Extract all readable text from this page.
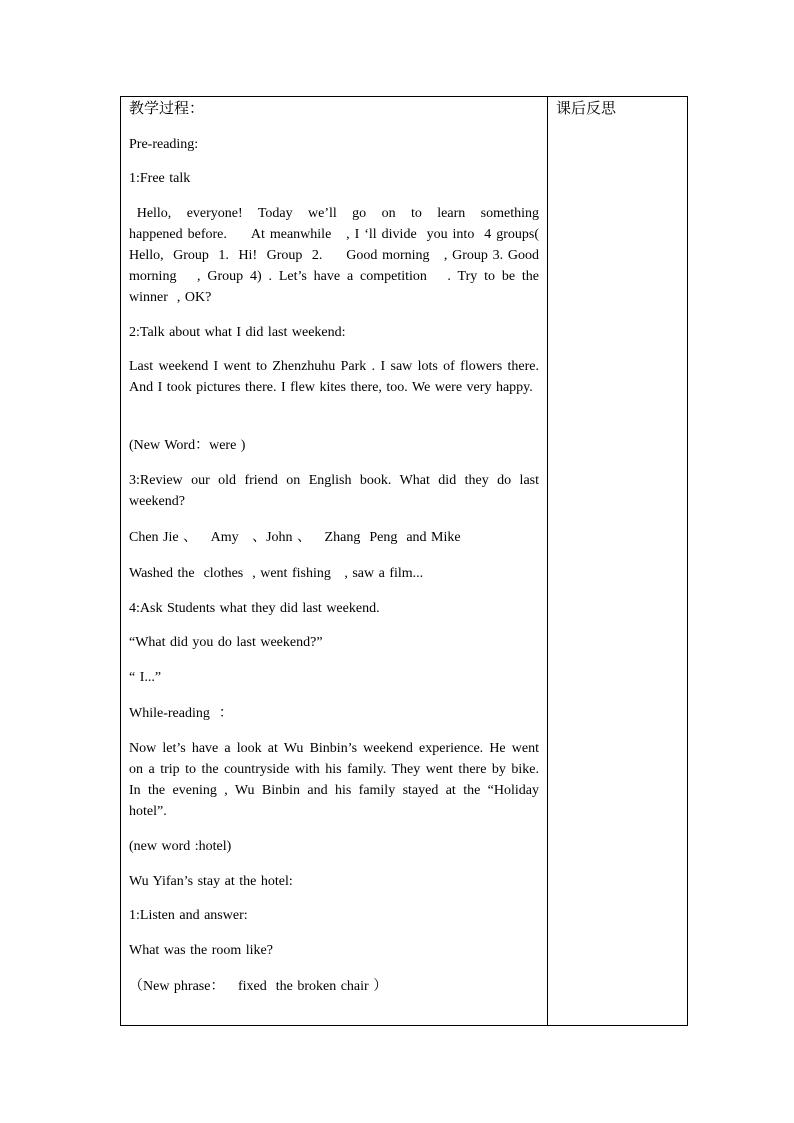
教学过程：

Pre-reading:

1:Free talk

Hello,  everyone!  Today  we’ll  go  on  to  learn  something happened before.     At meanwhile   , I ‘ll divide  you into  4 groups( Hello,  Group  1.  Hi!  Group  2.     Good morning   , Group 3. Good morning   , Group 4) . Let’s have a competition   . Try to be the winner  , OK?

2:Talk about what I did last weekend:

Last weekend I went to Zhenzhuhu Park . I saw lots of flowers there. And I took pictures there. I flew kites there, too. We were very happy.

(New Word：were )

3:Review our old friend on English book. What did they do last weekend?

Chen Jie 、   Amy   、John 、   Zhang  Peng  and Mike

Washed the  clothes  , went fishing   , saw a film...

4:Ask Students what they did last weekend.

“What did you do last weekend?”

“ I...”

While-reading  ：

Now let’s have a look at Wu Binbin’s weekend experience. He went on a trip to the countryside with his family. They went there by bike. In the evening , Wu Binbin and his family stayed at the “Holiday hotel”.

(new word :hotel)

Wu Yifan’s stay at the hotel:

1:Listen and answer:

What was the room like?

（New phrase：   fixed  the broken chair ）

课后反思
